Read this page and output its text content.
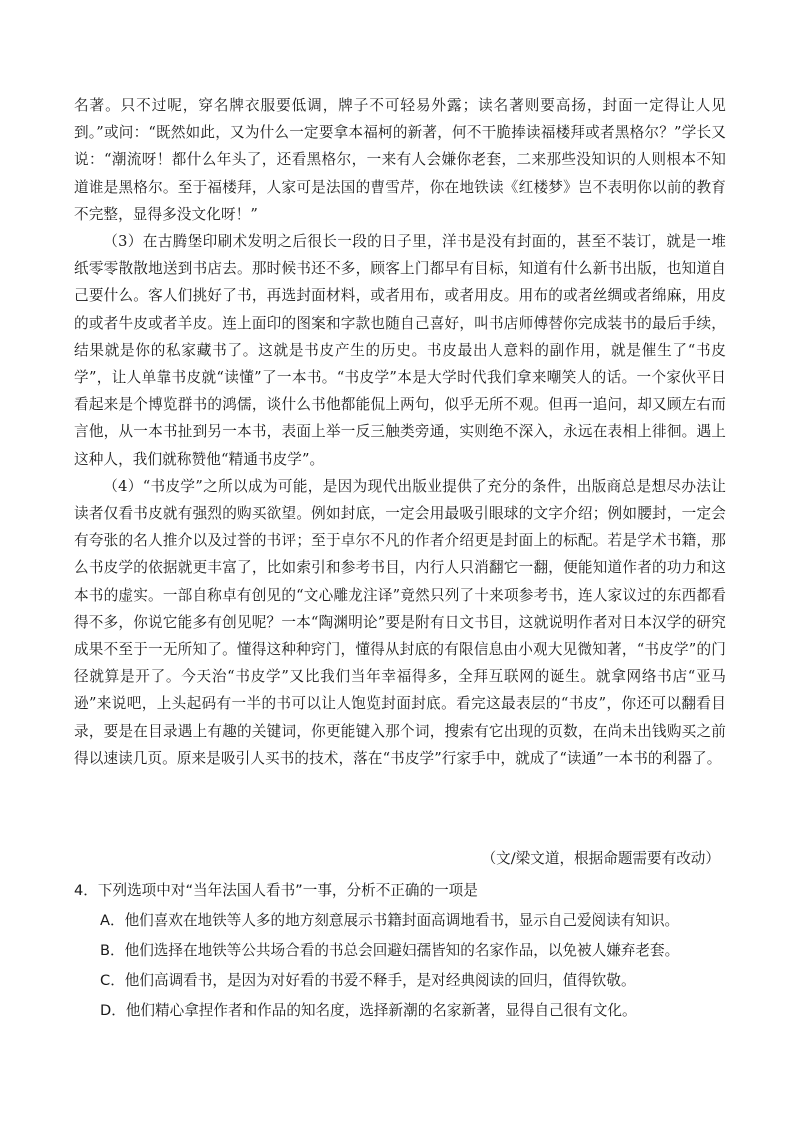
名著。只不过呢，穿名牌衣服要低调，牌子不可轻易外露；读名著则要高扬，封面一定得让人见到。”或问：“既然如此，又为什么一定要拿本福柯的新著，何不干脆捧读福楼拜或者黑格尔？”学长又说：“潮流呀！都什么年头了，还看黑格尔，一来有人会嫌你老套，二来那些没知识的人则根本不知道谁是黑格尔。至于福楼拜，人家可是法国的曹雪芹，你在地铁读《红楼梦》岂不表明你以前的教育不完整，显得多没文化呀！”

（3）在古腾堡印刷术发明之后很长一段的日子里，洋书是没有封面的，甚至不装订，就是一堆纸零零散散地送到书店去。那时候书还不多，顾客上门都早有目标，知道有什么新书出版，也知道自己要什么。客人们挑好了书，再选封面材料，或者用布，或者用皮。用布的或者丝绸或者绵麻，用皮的或者牛皮或者羊皮。连上面印的图案和字款也随自己喜好，叫书店师傅替你完成装书的最后手续，结果就是你的私家藏书了。这就是书皮产生的历史。书皮最出人意料的副作用，就是催生了“书皮学”，让人单靠书皮就“读懂”了一本书。“书皮学”本是大学时代我们拿来嘲笑人的话。一个家伙平日看起来是个博览群书的鸿儒，谈什么书他都能侃上两句，似乎无所不观。但再一追问，却又顾左右而言他，从一本书扯到另一本书，表面上举一反三触类旁通，实则绝不深入，永远在表相上徘徊。遇上这种人，我们就称赞他“精通书皮学”。

（4）“书皮学”之所以成为可能，是因为现代出版业提供了充分的条件，出版商总是想尽办法让读者仅看书皮就有强烈的购买欲望。例如封底，一定会用最吸引眼球的文字介绍；例如腰封，一定会有夸张的名人推介以及过誉的书评；至于卓尔不凡的作者介绍更是封面上的标配。若是学术书籍，那么书皮学的依据就更丰富了，比如索引和参考书目，内行人只消翻它一翻，便能知道作者的功力和这本书的虚实。一部自称卓有创见的“文心雕龙注译”竟然只列了十来项参考书，连人家议过的东西都看得不多，你说它能多有创见呢？一本“陶渊明论”要是附有日文书目，这就说明作者对日本汉学的研究成果不至于一无所知了。懂得这种种窍门，懂得从封底的有限信息由小观大见微知著，“书皮学”的门径就算是开了。今天治“书皮学”又比我们当年幸福得多，全拜互联网的诞生。就拿网络书店“亚马逊”来说吧，上头起码有一半的书可以让人饱览封面封底。看完这最表层的“书皮”，你还可以翻看目录，要是在目录遇上有趣的关键词，你更能键入那个词，搜索有它出现的页数，在尚未出钱购买之前得以速读几页。原来是吸引人买书的技术，落在“书皮学”行家手中，就成了“读通”一本书的利器了。

（文/梁文道，根据命题需要有改动）

4．下列选项中对“当年法国人看书”一事，分析不正确的一项是

A．他们喜欢在地铁等人多的地方刻意展示书籍封面高调地看书，显示自己爱阅读有知识。

B．他们选择在地铁等公共场合看的书总会回避妇孺皆知的名家作品，以免被人嫌弃老套。

C．他们高调看书，是因为对好看的书爱不释手，是对经典阅读的回归，值得钦敬。

D．他们精心拿捏作者和作品的知名度，选择新潮的名家新著，显得自己很有文化。
